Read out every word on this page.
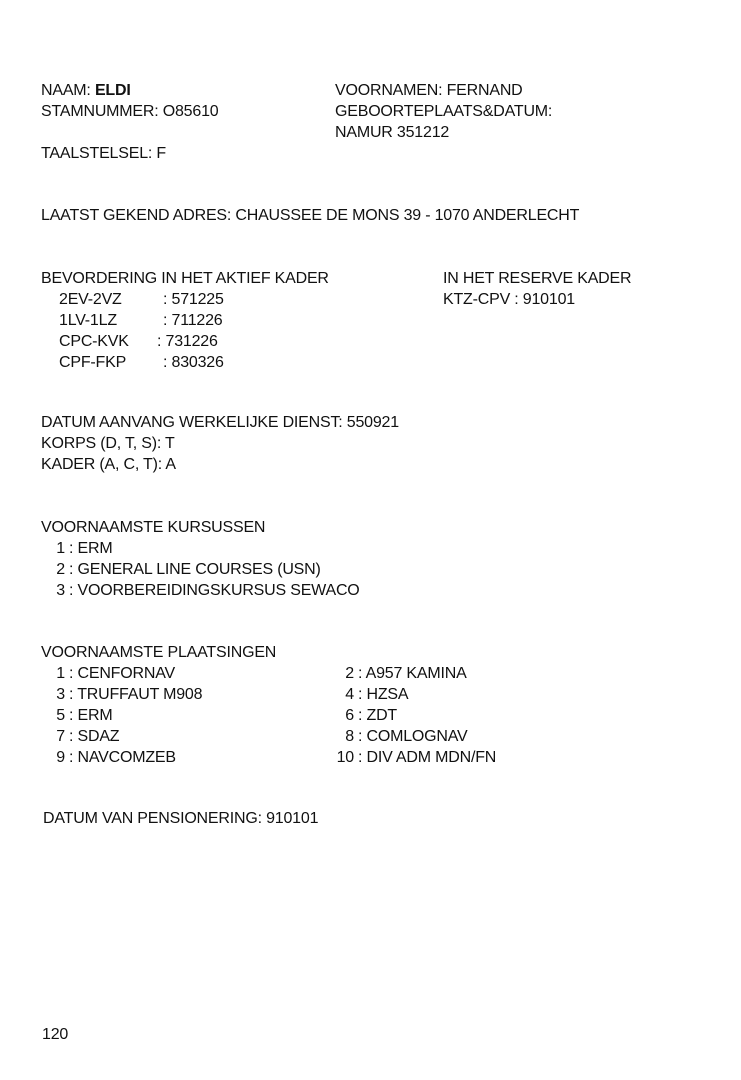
NAAM: ELDI
STAMNUMMER: O85610
TAALSTELSEL: F
VOORNAMEN: FERNAND
GEBOORTEPLAATS&DATUM:
NAMUR 351212
LAATST GEKEND ADRES: CHAUSSEE DE MONS 39 - 1070 ANDERLECHT
BEVORDERING IN HET AKTIEF KADER
2EV-2VZ	: 571225
1LV-1LZ	: 711226
CPC-KVK : 731226
CPF-FKP : 830326
IN HET RESERVE KADER
KTZ-CPV : 910101
DATUM AANVANG WERKELIJKE DIENST: 550921
KORPS (D, T, S): T
KADER (A, C, T): A
VOORNAAMSTE KURSUSSEN
1 : ERM
2 : GENERAL LINE COURSES (USN)
3 : VOORBEREIDINGSKURSUS SEWACO
VOORNAAMSTE PLAATSINGEN
1 : CENFORNAV
3 : TRUFFAUT M908
5 : ERM
7 : SDAZ
9 : NAVCOMZEB
2 : A957 KAMINA
4 : HZSA
6 : ZDT
8 : COMLOGNAV
10 : DIV ADM MDN/FN
DATUM VAN PENSIONERING: 910101
120
